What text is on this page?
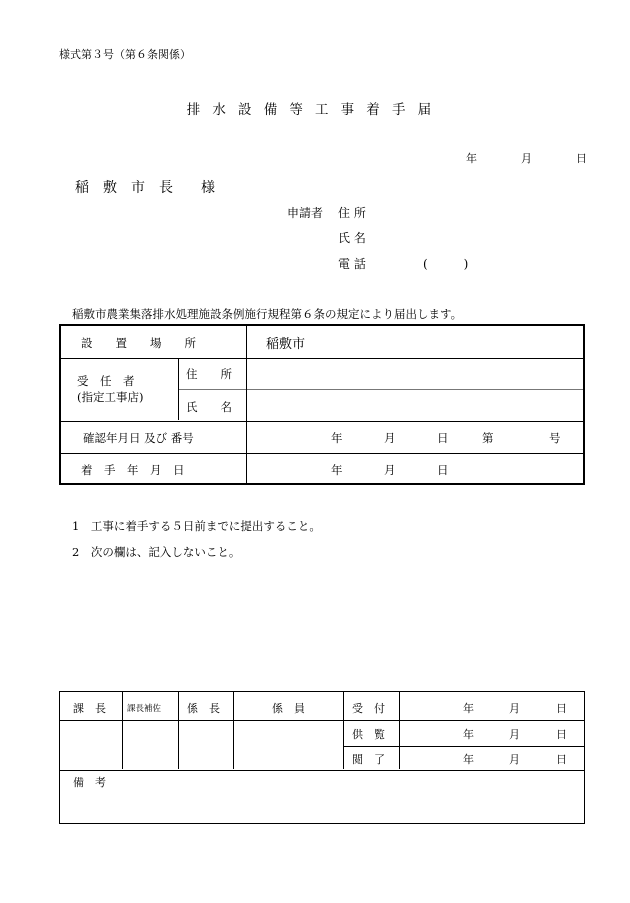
様式第３号（第６条関係）
排水設備等工事着手届
年	月	日
稲　敷　市　長　　様
申請者 住 所
氏 名
電 話	(　　　)
稲敷市農業集落排水処理施設条例施行規程第６条の規定により届出します。
設　　置　　場　　所	稲敷市
受　任　者
(指定工事店)
住　　所
氏　　名
確認年月日 及び 番号	年	月	日	第	号
着　手　年　月　日	年	月	日
1　工事に着手する５日前までに提出すること。
2　次の欄は、記入しないこと。
課　長 課長補佐 係　長	係　員	受　付	年	月	日
供　覧	年	月	日
閲　了	年	月	日
備　考
